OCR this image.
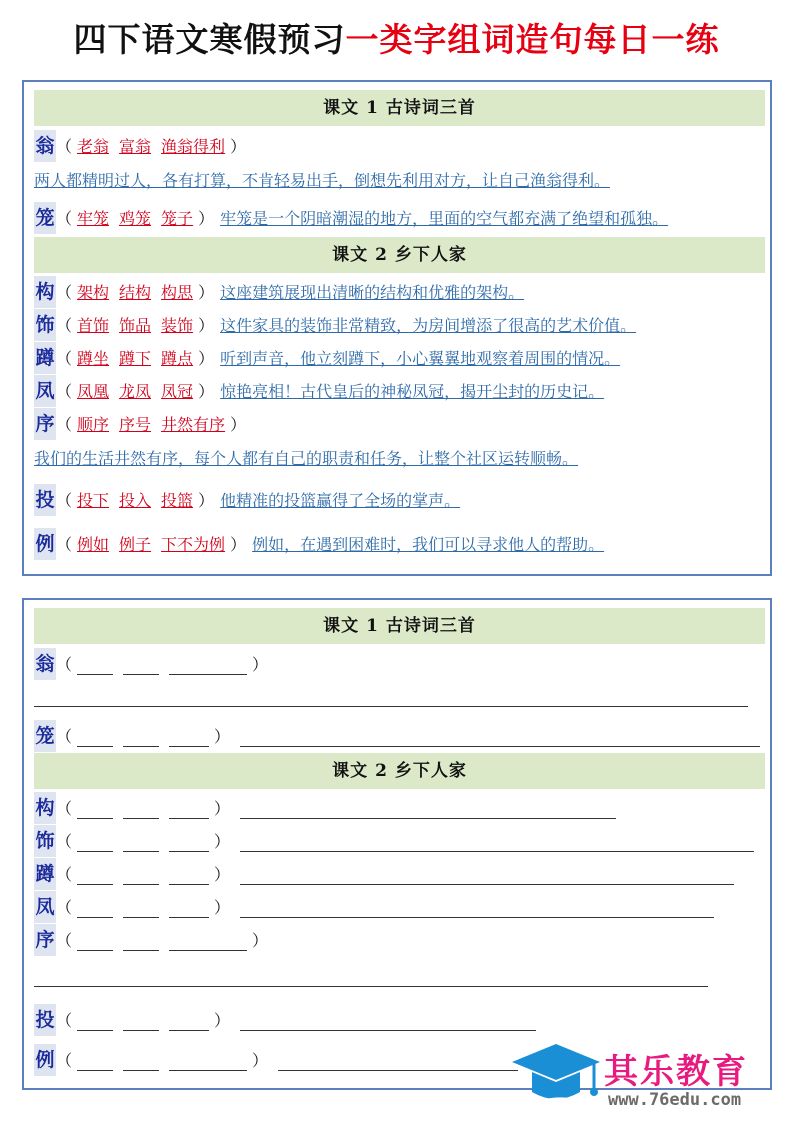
四下语文寒假预习一类字组词造句每日一练
课文 1 古诗词三首
翁（ 老翁 富翁 渔翁得利 ）
两人都精明过人，各有打算，不肯轻易出手，倒想先利用对方，让自己渔翁得利。
笼（ 牢笼 鸡笼 笼子 ） 牢笼是一个阴暗潮湿的地方，里面的空气都充满了绝望和孤独。
课文 2 乡下人家
构（ 架构 结构 构思 ） 这座建筑展现出清晰的结构和优雅的架构。
饰（ 首饰 饰品 装饰 ） 这件家具的装饰非常精致，为房间增添了很高的艺术价值。
蹲（ 蹲坐 蹲下 蹲点 ） 听到声音，他立刻蹲下，小心翼翼地观察着周围的情况。
凤（ 凤凰 龙凤 凤冠 ） 惊艳亮相！古代皇后的神秘凤冠，揭开尘封的历史记。
序（ 顺序 序号 井然有序 ）
我们的生活井然有序，每个人都有自己的职责和任务，让整个社区运转顺畅。
投（ 投下 投入 投篮 ） 他精准的投篮赢得了全场的掌声。
例（ 例如 例子 下不为例 ） 例如，在遇到困难时，我们可以寻求他人的帮助。
课文 1 古诗词三首
翁（	）
笼（	）
课文 2 乡下人家
构（	）
饰（	）
蹲（	）
凤（	）
序（	）
投（	）
例（	）	其乐教育
www.76edu.com
